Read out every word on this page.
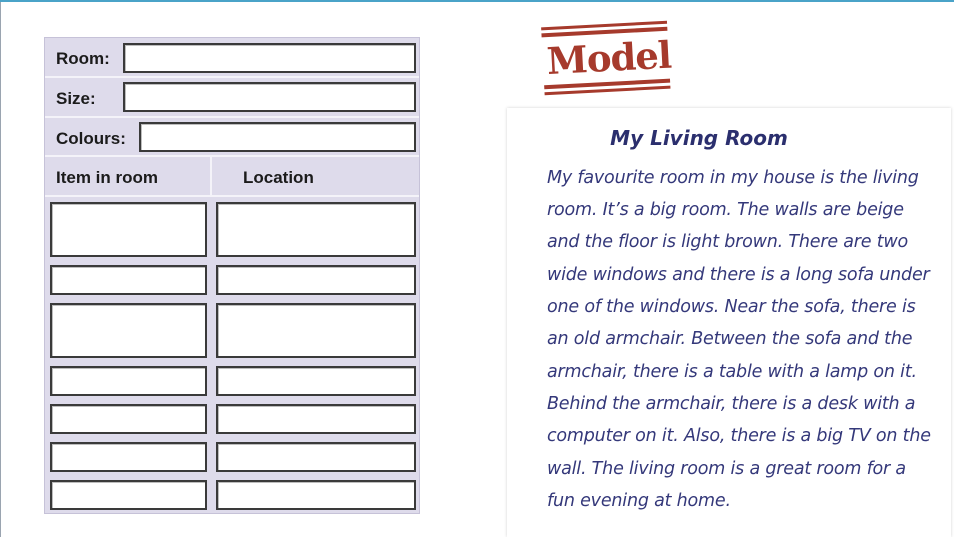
Room:
Size:
Colours:
Item in room	Location
Model
My Living Room
My favourite room in my house is the living
room. It’s a big room. The walls are beige
and the floor is light brown. There are two
wide windows and there is a long sofa under
one of the windows. Near the sofa, there is
an old armchair. Between the sofa and the
armchair, there is a table with a lamp on it.
Behind the armchair, there is a desk with a
computer on it. Also, there is a big TV on the
wall. The living room is a great room for a
fun evening at home.
